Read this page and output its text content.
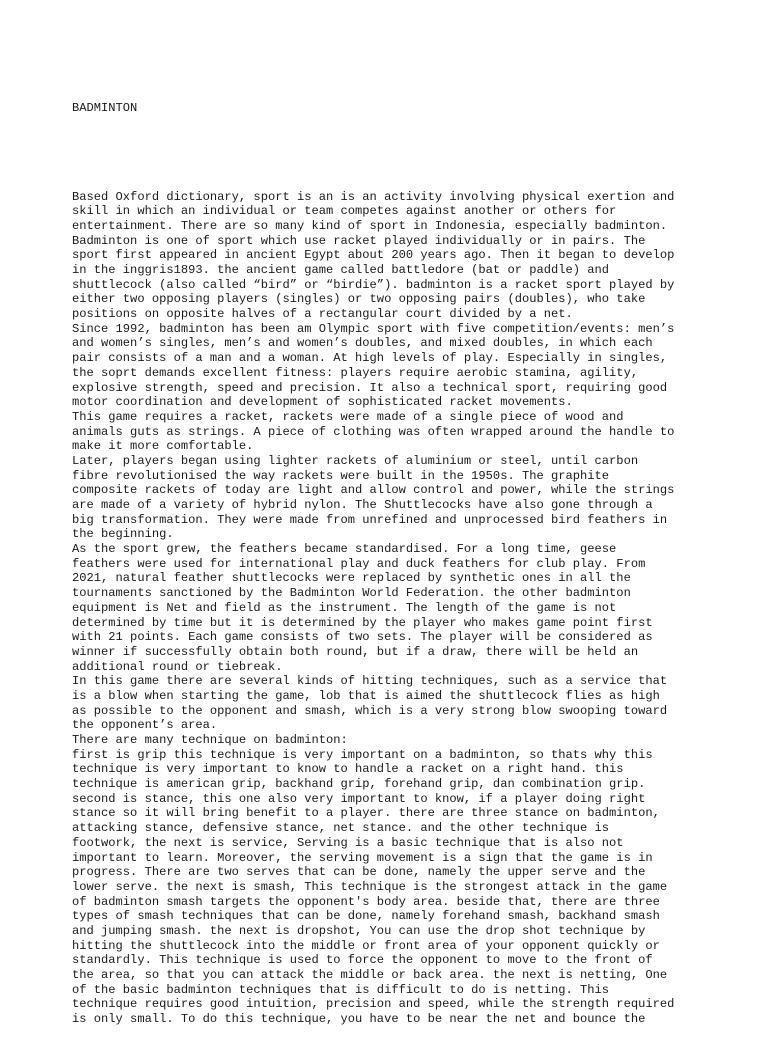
BADMINTON

Based Oxford dictionary, sport is an is an activity involving physical exertion and
skill in which an individual or team competes against another or others for
entertainment. There are so many kind of sport in Indonesia, especially badminton.
Badminton is one of sport which use racket played individually or in pairs. The
sport first appeared in ancient Egypt about 200 years ago. Then it began to develop
in the inggris1893. the ancient game called battledore (bat or paddle) and
shuttlecock (also called “bird” or “birdie”). badminton is a racket sport played by
either two opposing players (singles) or two opposing pairs (doubles), who take
positions on opposite halves of a rectangular court divided by a net.
Since 1992, badminton has been am Olympic sport with five competition/events: men’s
and women’s singles, men’s and women’s doubles, and mixed doubles, in which each
pair consists of a man and a woman. At high levels of play. Especially in singles,
the soprt demands excellent fitness: players require aerobic stamina, agility,
explosive strength, speed and precision. It also a technical sport, requiring good
motor coordination and development of sophisticated racket movements.
This game requires a racket, rackets were made of a single piece of wood and
animals guts as strings. A piece of clothing was often wrapped around the handle to
make it more comfortable.
Later, players began using lighter rackets of aluminium or steel, until carbon
fibre revolutionised the way rackets were built in the 1950s. The graphite
composite rackets of today are light and allow control and power, while the strings
are made of a variety of hybrid nylon. The Shuttlecocks have also gone through a
big transformation. They were made from unrefined and unprocessed bird feathers in
the beginning.
As the sport grew, the feathers became standardised. For a long time, geese
feathers were used for international play and duck feathers for club play. From
2021, natural feather shuttlecocks were replaced by synthetic ones in all the
tournaments sanctioned by the Badminton World Federation. the other badminton
equipment is Net and field as the instrument. The length of the game is not
determined by time but it is determined by the player who makes game point first
with 21 points. Each game consists of two sets. The player will be considered as
winner if successfully obtain both round, but if a draw, there will be held an
additional round or tiebreak.
In this game there are several kinds of hitting techniques, such as a service that
is a blow when starting the game, lob that is aimed the shuttlecock flies as high
as possible to the opponent and smash, which is a very strong blow swooping toward
the opponent’s area.
There are many technique on badminton:
first is grip this technique is very important on a badminton, so thats why this
technique is very important to know to handle a racket on a right hand. this
technique is american grip, backhand grip, forehand grip, dan combination grip.
second is stance, this one also very important to know, if a player doing right
stance so it will bring benefit to a player. there are three stance on badminton,
attacking stance, defensive stance, net stance. and the other technique is
footwork, the next is service, Serving is a basic technique that is also not
important to learn. Moreover, the serving movement is a sign that the game is in
progress. There are two serves that can be done, namely the upper serve and the
lower serve. the next is smash, This technique is the strongest attack in the game
of badminton smash targets the opponent's body area. beside that, there are three
types of smash techniques that can be done, namely forehand smash, backhand smash
and jumping smash. the next is dropshot, You can use the drop shot technique by
hitting the shuttlecock into the middle or front area of your opponent quickly or
standardly. This technique is used to force the opponent to move to the front of
the area, so that you can attack the middle or back area. the next is netting, One
of the basic badminton techniques that is difficult to do is netting. This
technique requires good intuition, precision and speed, while the strength required
is only small. To do this technique, you have to be near the net and bounce the
